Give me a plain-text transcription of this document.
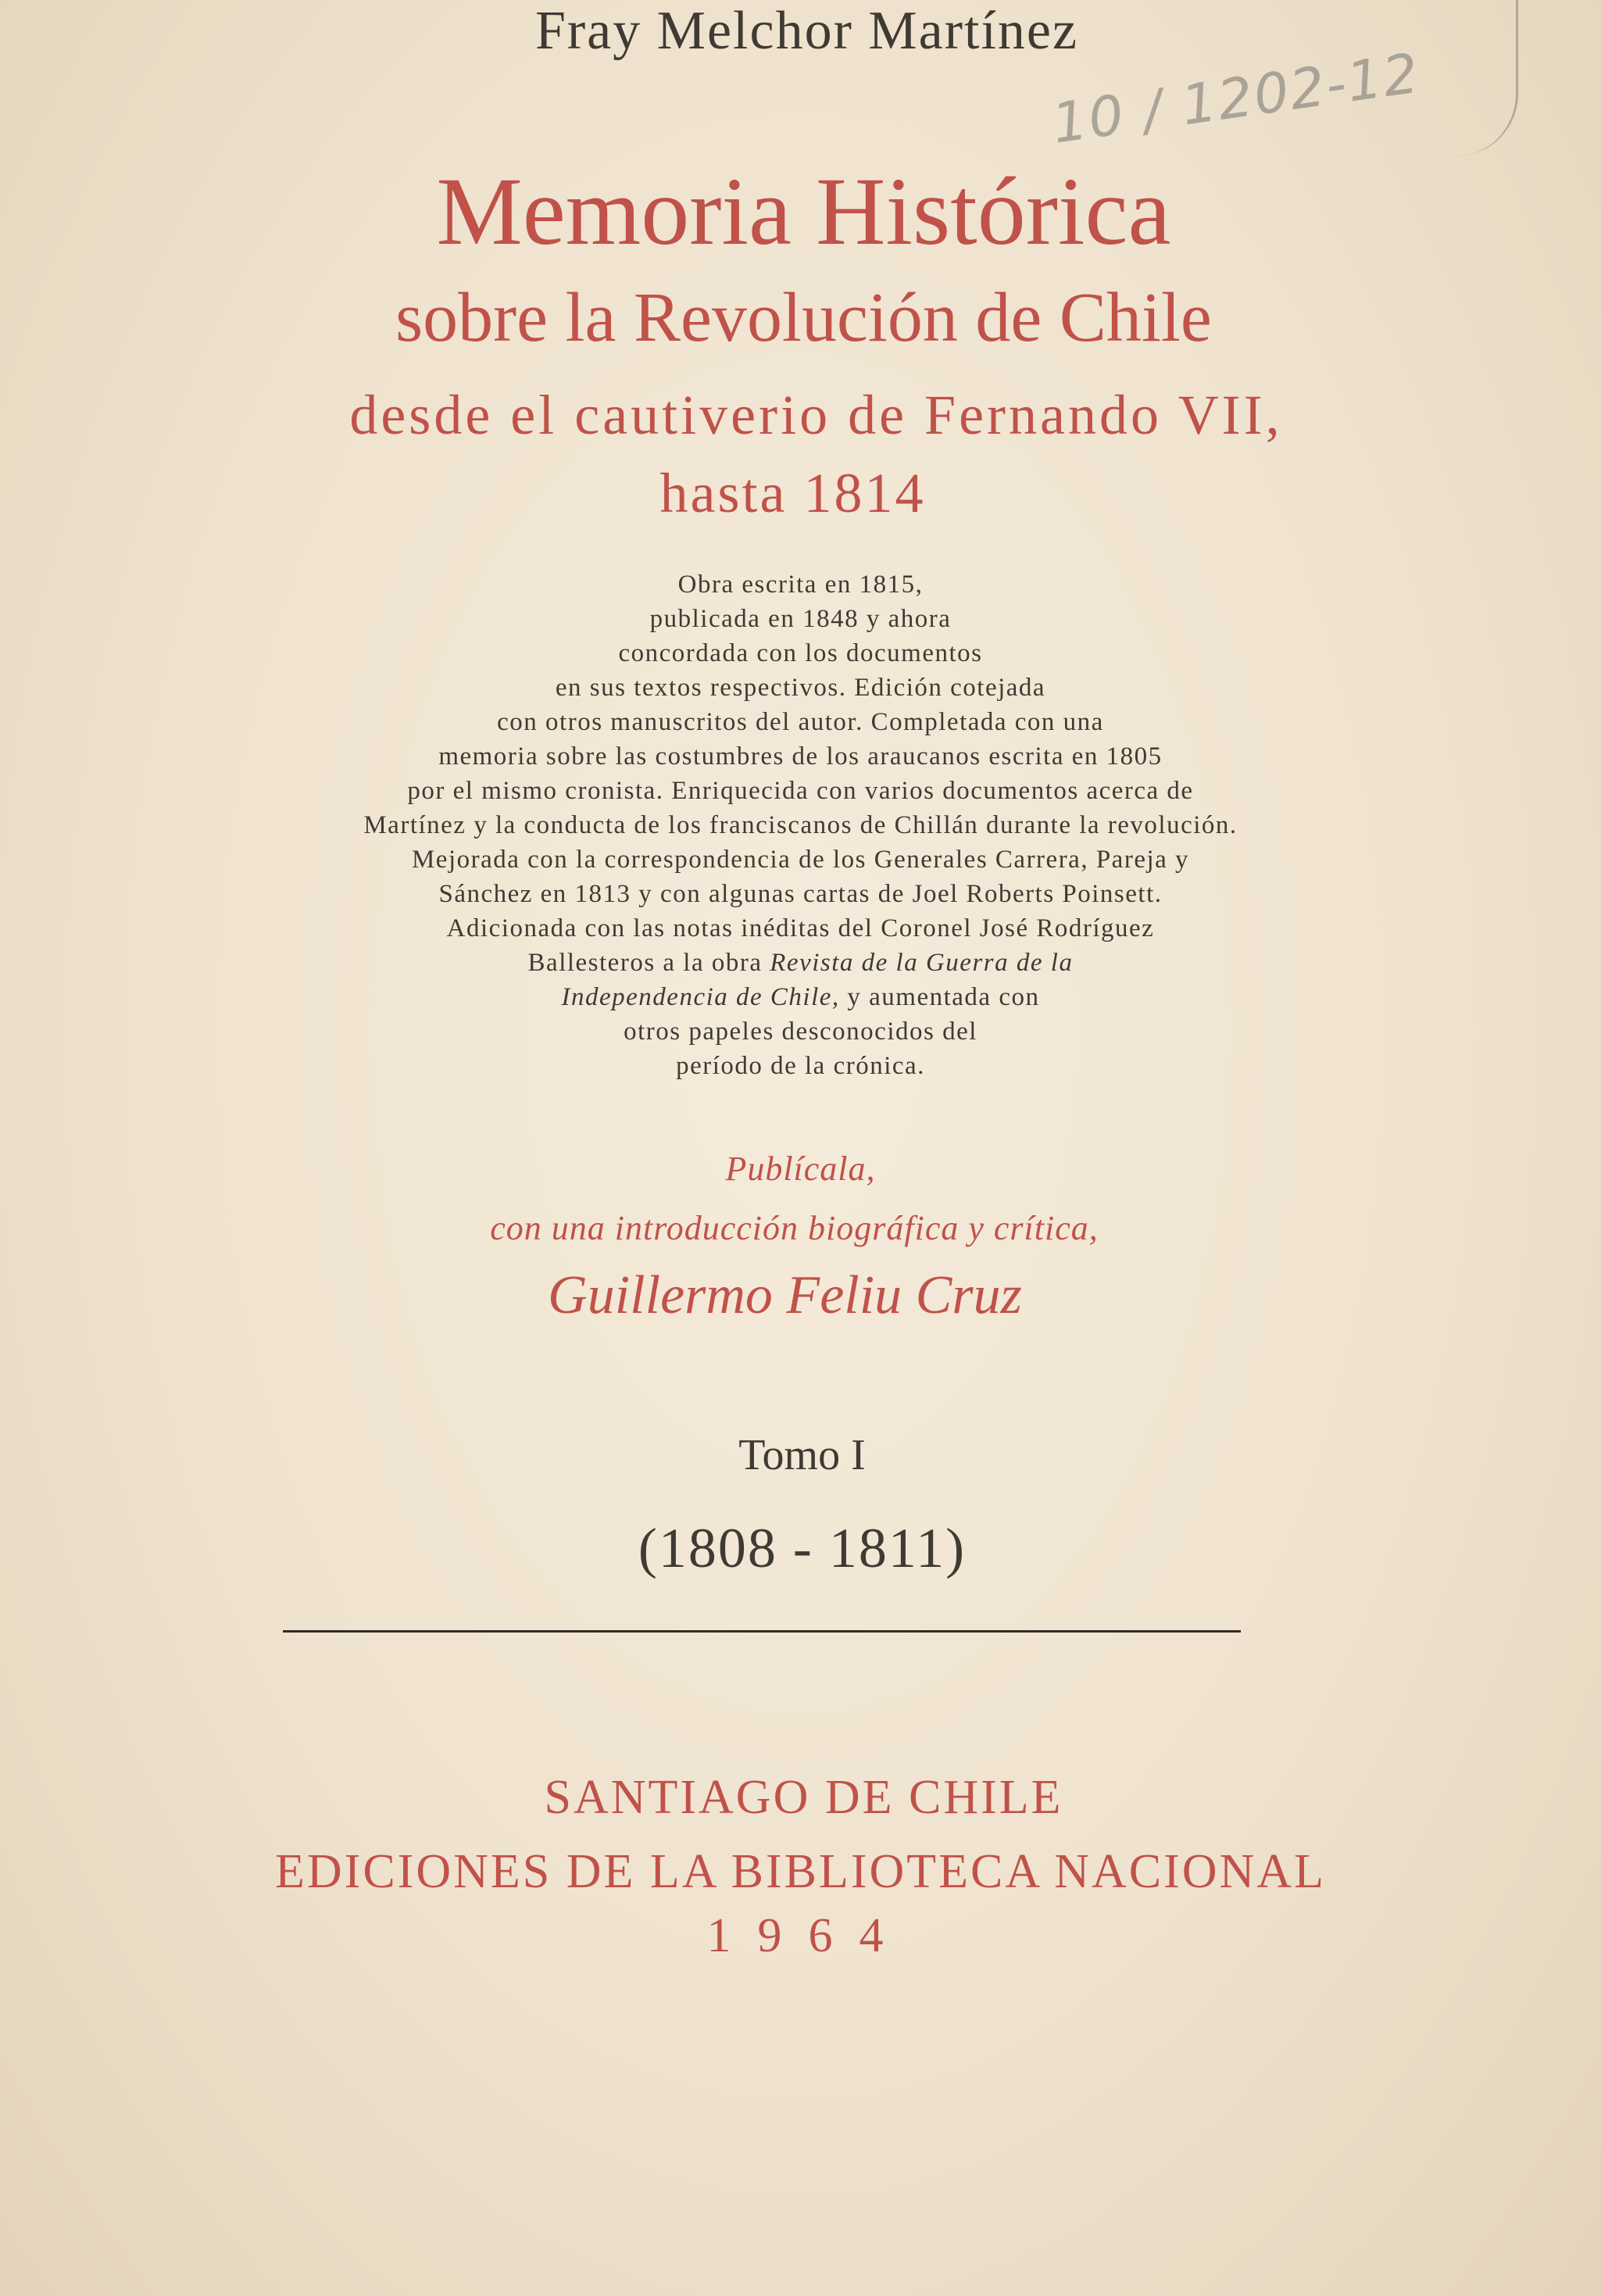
10 / 1202-12

Fray Melchor Martínez

Memoria Histórica

sobre la Revolución de Chile

desde el cautiverio de Fernando VII,

hasta 1814

Obra escrita en 1815,
publicada en 1848 y ahora
concordada con los documentos
en sus textos respectivos. Edición cotejada
con otros manuscritos del autor. Completada con una
memoria sobre las costumbres de los araucanos escrita en 1805
por el mismo cronista. Enriquecida con varios documentos acerca de
Martínez y la conducta de los franciscanos de Chillán durante la revolución.
Mejorada con la correspondencia de los Generales Carrera, Pareja y
Sánchez en 1813 y con algunas cartas de Joel Roberts Poinsett.
Adicionada con las notas inéditas del Coronel José Rodríguez
Ballesteros a la obra Revista de la Guerra de la
Independencia de Chile, y aumentada con
otros papeles desconocidos del
período de la crónica.

Publícala,

con una introducción biográfica y crítica,

Guillermo Feliu Cruz

Tomo I

(1808 - 1811)

SANTIAGO DE CHILE

EDICIONES DE LA BIBLIOTECA NACIONAL

1964
